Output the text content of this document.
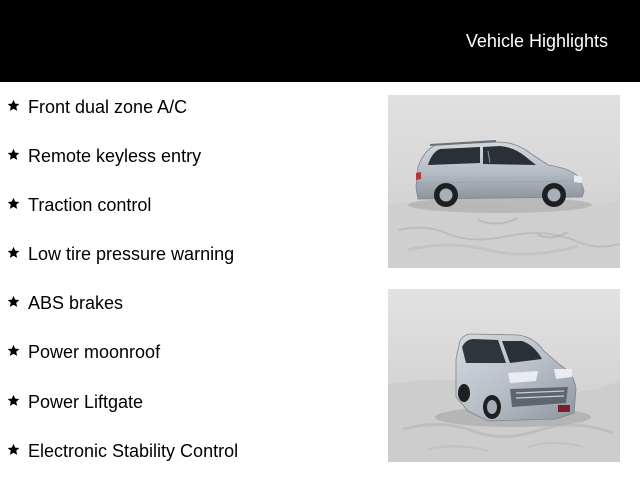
Vehicle Highlights
Front dual zone A/C
Remote keyless entry
Traction control
Low tire pressure warning
ABS brakes
Power moonroof
Power Liftgate
Electronic Stability Control
